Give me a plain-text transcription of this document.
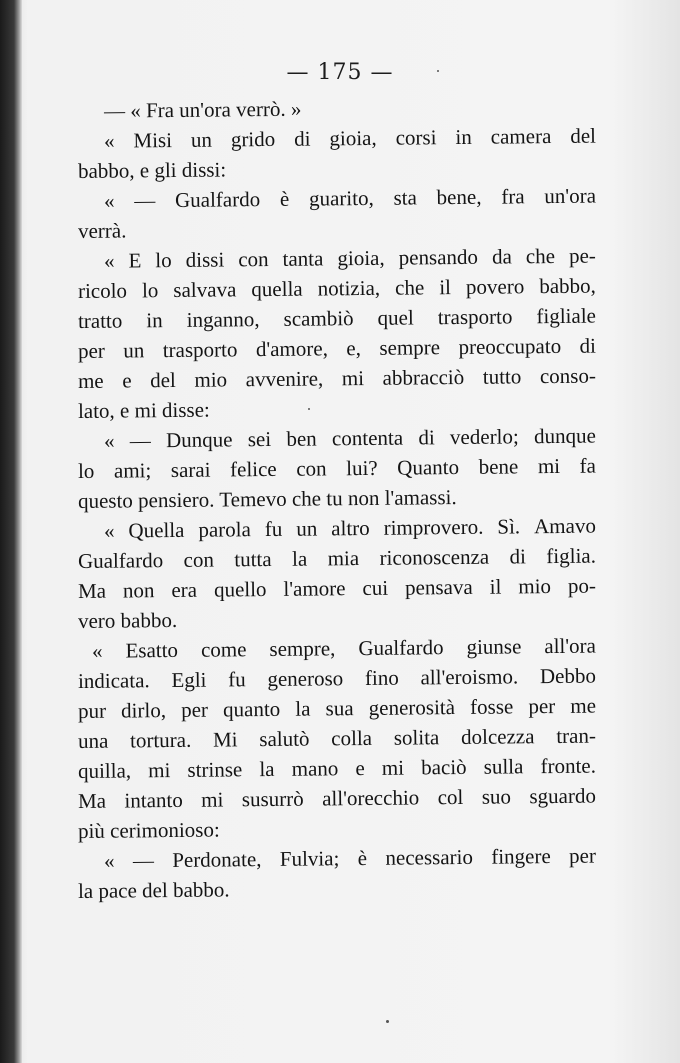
— 175 —
— « Fra un'ora verrò. »
« Misi un grido di gioia, corsi in camera del
babbo, e gli dissi:
« — Gualfardo è guarito, sta bene, fra un'ora
verrà.
« E lo dissi con tanta gioia, pensando da che pe-
ricolo lo salvava quella notizia, che il povero babbo,
tratto in inganno, scambiò quel trasporto figliale
per un trasporto d'amore, e, sempre preoccupato di
me e del mio avvenire, mi abbracciò tutto conso-
lato, e mi disse:
« — Dunque sei ben contenta di vederlo; dunque
lo ami; sarai felice con lui? Quanto bene mi fa
questo pensiero. Temevo che tu non l'amassi.
« Quella parola fu un altro rimprovero. Sì. Amavo
Gualfardo con tutta la mia riconoscenza di figlia.
Ma non era quello l'amore cui pensava il mio po-
vero babbo.
« Esatto come sempre, Gualfardo giunse all'ora
indicata. Egli fu generoso fino all'eroismo. Debbo
pur dirlo, per quanto la sua generosità fosse per me
una tortura. Mi salutò colla solita dolcezza tran-
quilla, mi strinse la mano e mi baciò sulla fronte.
Ma intanto mi susurrò all'orecchio col suo sguardo
più cerimonioso:
« — Perdonate, Fulvia; è necessario fingere per
la pace del babbo.
